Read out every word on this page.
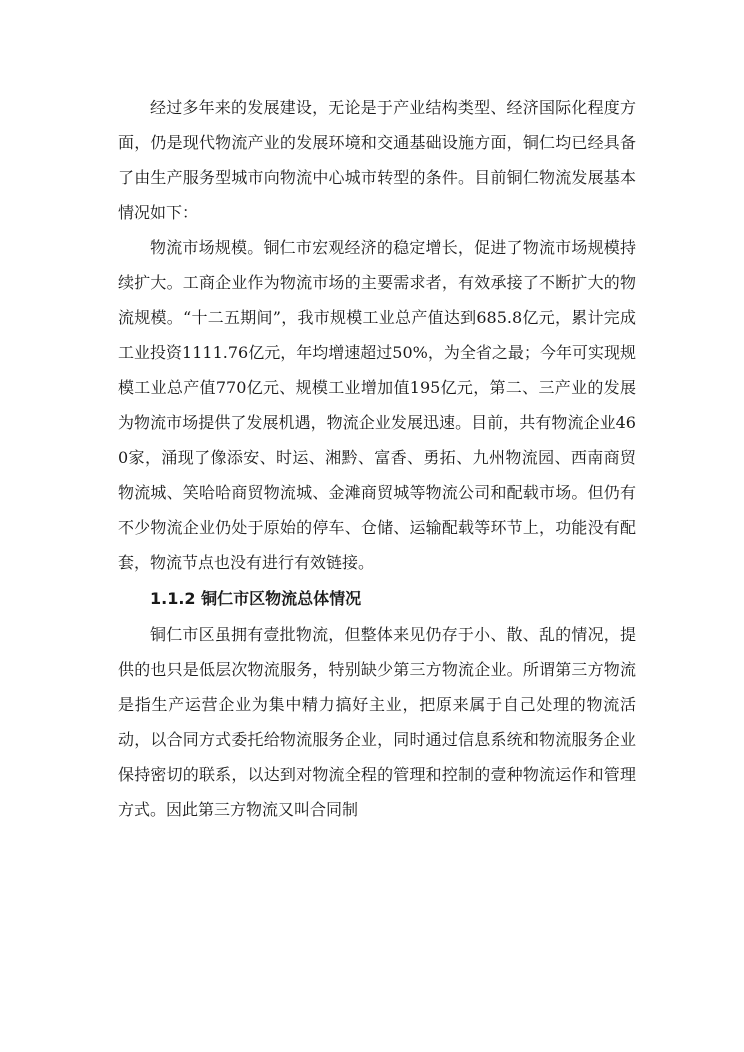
经过多年来的发展建设，无论是于产业结构类型、经济国际化程度方面，仍是现代物流产业的发展环境和交通基础设施方面，铜仁均已经具备了由生产服务型城市向物流中心城市转型的条件。目前铜仁物流发展基本情况如下：

物流市场规模。铜仁市宏观经济的稳定增长，促进了物流市场规模持续扩大。工商企业作为物流市场的主要需求者，有效承接了不断扩大的物流规模。“十二五期间”，我市规模工业总产值达到685.8亿元，累计完成工业投资1111.76亿元，年均增速超过50%，为全省之最；今年可实现规模工业总产值770亿元、规模工业增加值195亿元，第二、三产业的发展为物流市场提供了发展机遇，物流企业发展迅速。目前，共有物流企业460家，涌现了像添安、时运、湘黔、富香、勇拓、九州物流园、西南商贸物流城、笑哈哈商贸物流城、金滩商贸城等物流公司和配载市场。但仍有不少物流企业仍处于原始的停车、仓储、运输配载等环节上，功能没有配套，物流节点也没有进行有效链接。

1.1.2 铜仁市区物流总体情况

铜仁市区虽拥有壹批物流，但整体来见仍存于小、散、乱的情况，提供的也只是低层次物流服务，特别缺少第三方物流企业。所谓第三方物流是指生产运营企业为集中精力搞好主业，把原来属于自己处理的物流活动，以合同方式委托给物流服务企业，同时通过信息系统和物流服务企业保持密切的联系，以达到对物流全程的管理和控制的壹种物流运作和管理方式。因此第三方物流又叫合同制
